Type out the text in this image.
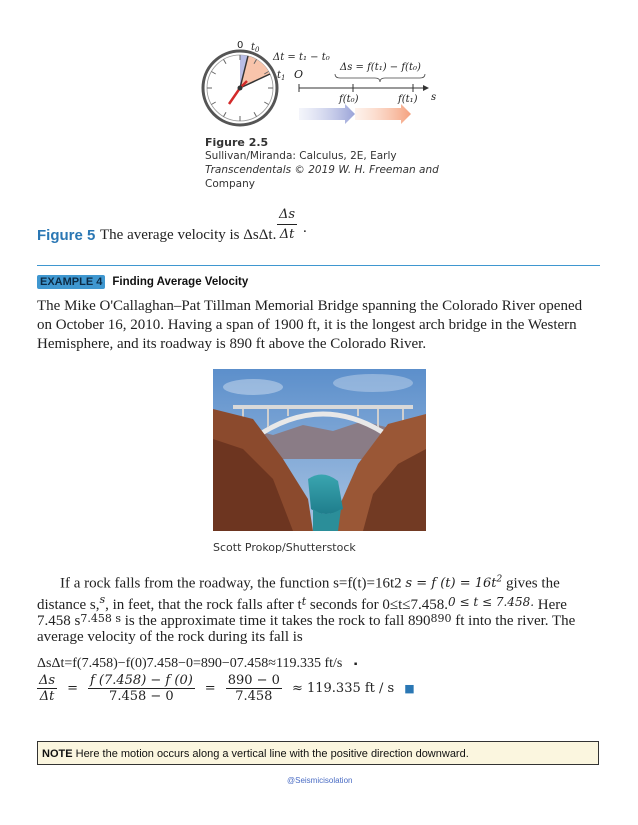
0 $t_0$
$t_1$
Δt = t₁ − t₀
Δs = f(t₁) − f(t₀)
O
f(t₀)	f(t₁) s
Figure 2.5
Sullivan/Miranda: Calculus, 2E, Early
Transcendentals © 2019 W. H. Freeman and
Company
Figure 5 The average velocity is ΔsΔt. $\frac{\Delta s}{\Delta t}$ .
EXAMPLE 4 Finding Average Velocity
The Mike O'Callaghan–Pat Tillman Memorial Bridge spanning the Colorado River opened
on October 16, 2010. Having a span of 1900 ft, it is the longest arch bridge in the Western
Hemisphere, and its roadway is 890 ft above the Colorado River.
Scott Prokop/Shutterstock
If a rock falls from the roadway, the function s=f(t)=16t2 s = f $(t) = 16t^2$ gives the
distance s,$^s$, in feet, that the rock falls after $t^t$ seconds for 0≤t≤7.458.$^{0 \le t \le 7.458.}$ Here
7.458 $s^{7.458 s}$ is the approximate time it takes the rock to fall $890^{890}$ ft into the river. The
average velocity of the rock during its fall is
ΔsΔt=f(7.458)−f(0)7.458−0=890−07.458≈119.335 ft/s ▪
$\frac{\Delta s}{\Delta t} = \frac{f (7.458) - f (0)}{7.458 - 0} = \frac{890 - 0}{7.458} \approx 119.335$ ft / s ■
NOTE Here the motion occurs along a vertical line with the positive direction downward.
@Seismicisolation
